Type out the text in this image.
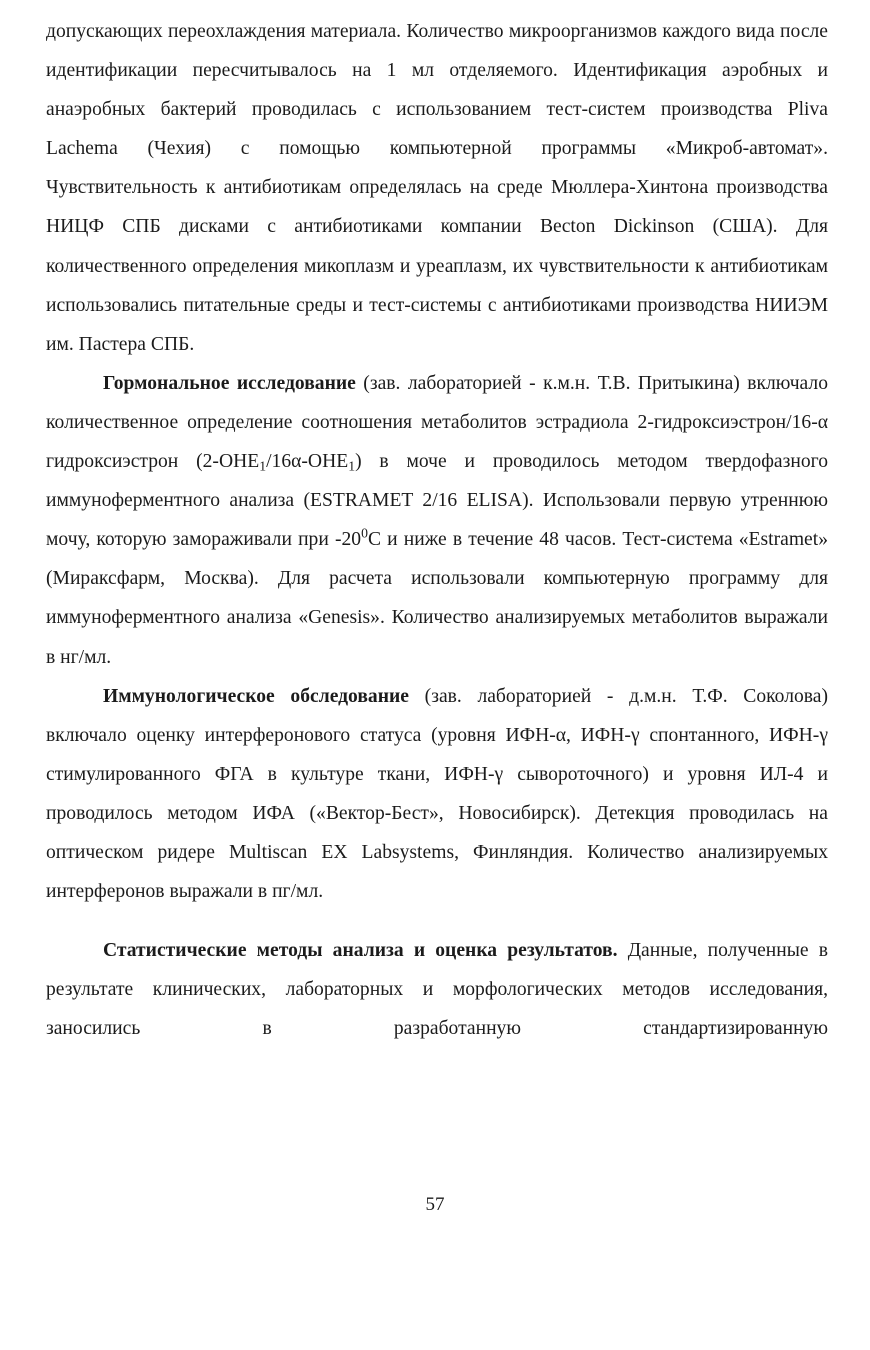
допускающих переохлаждения материала. Количество микроорганизмов каждого вида после идентификации пересчитывалось на 1 мл отделяемого. Идентификация аэробных и анаэробных бактерий проводилась с использованием тест-систем производства Pliva Lachema (Чехия) с помощью компьютерной программы «Микроб-автомат». Чувствительность к антибиотикам определялась на среде Мюллера-Хинтона производства НИЦФ СПБ дисками с антибиотиками компании Becton Dickinson (США). Для количественного определения микоплазм и уреаплазм, их чувствительности к антибиотикам использовались питательные среды и тест-системы с антибиотиками производства НИИЭМ им. Пастера СПБ.

Гормональное исследование (зав. лабораторией - к.м.н. Т.В. Притыкина) включало количественное определение соотношения метаболитов эстрадиола 2-гидроксиэстрон/16-α гидроксиэстрон $(2-OHE_1/16\alpha-OHE_1)$ в моче и проводилось методом твердофазного иммуноферментного анализа (ESTRAMET 2/16 ELISA). Использовали первую утреннюю мочу, которую замораживали при $-20^0С$ и ниже в течение 48 часов. Тест-система «Estramet» (Мираксфарм, Москва). Для расчета использовали компьютерную программу для иммуноферментного анализа «Genesis». Количество анализируемых метаболитов выражали в нг/мл.

Иммунологическое обследование (зав. лабораторией - д.м.н. Т.Ф. Соколова) включало оценку интерферонового статуса (уровня ИФН-α, ИФН-γ спонтанного, ИФН-γ стимулированного ФГА в культуре ткани, ИФН-γ сывороточного) и уровня ИЛ-4 и проводилось методом ИФА («Вектор-Бест», Новосибирск). Детекция проводилась на оптическом ридере Multiscan EX Labsystems, Финляндия. Количество анализируемых интерферонов выражали в пг/мл.

Статистические методы анализа и оценка результатов. Данные, полученные в результате клинических, лабораторных и морфологических методов исследования, заносились в разработанную стандартизированную

57
